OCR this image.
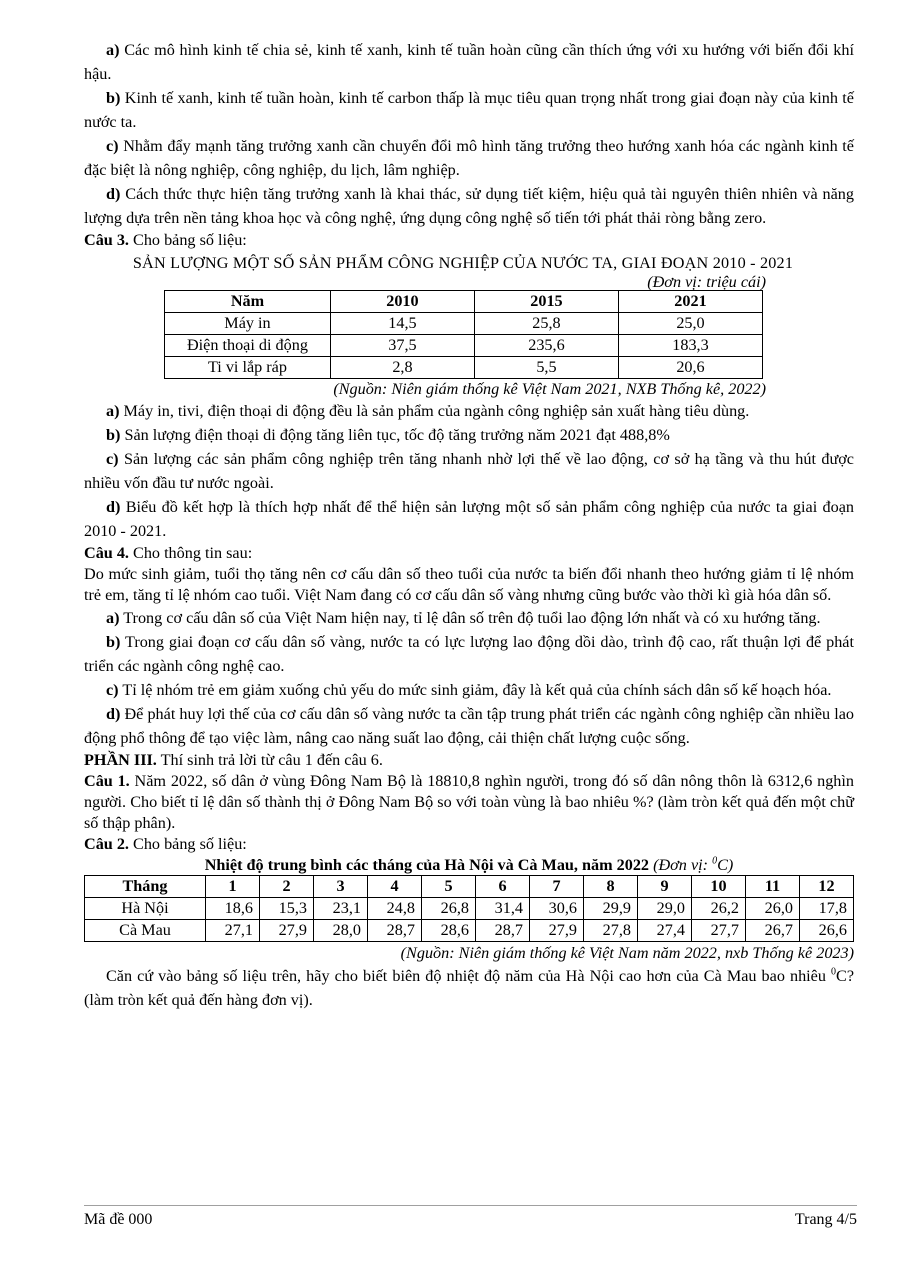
a) Các mô hình kinh tế chia sẻ, kinh tế xanh, kinh tế tuần hoàn cũng cần thích ứng với xu hướng với biến đổi khí hậu.

b) Kinh tế xanh, kinh tế tuần hoàn, kinh tế carbon thấp là mục tiêu quan trọng nhất trong giai đoạn này của kinh tế nước ta.

c) Nhằm đẩy mạnh tăng trưởng xanh cần chuyển đổi mô hình tăng trưởng theo hướng xanh hóa các ngành kinh tế đặc biệt là nông nghiệp, công nghiệp, du lịch, lâm nghiệp.

d) Cách thức thực hiện tăng trưởng xanh là khai thác, sử dụng tiết kiệm, hiệu quả tài nguyên thiên nhiên và năng lượng dựa trên nền tảng khoa học và công nghệ, ứng dụng công nghệ số tiến tới phát thải ròng bằng zero.

Câu 3. Cho bảng số liệu:

SẢN LƯỢNG MỘT SỐ SẢN PHẨM CÔNG NGHIỆP CỦA NƯỚC TA, GIAI ĐOẠN 2010 - 2021

(Đơn vị: triệu cái)

Năm	2010	2015	2021
Máy in	14,5	25,8	25,0
Điện thoại di động	37,5	235,6	183,3
Ti vi lắp ráp	2,8	5,5	20,6

(Nguồn: Niên giám thống kê Việt Nam 2021, NXB Thống kê, 2022)

a) Máy in, tivi, điện thoại di động đều là sản phẩm của ngành công nghiệp sản xuất hàng tiêu dùng.

b) Sản lượng điện thoại di động tăng liên tục, tốc độ tăng trưởng năm 2021 đạt 488,8%

c) Sản lượng các sản phẩm công nghiệp trên tăng nhanh nhờ lợi thế về lao động, cơ sở hạ tầng và thu hút được nhiều vốn đầu tư nước ngoài.

d) Biểu đồ kết hợp là thích hợp nhất để thể hiện sản lượng một số sản phẩm công nghiệp của nước ta giai đoạn 2010 - 2021.

Câu 4. Cho thông tin sau:

Do mức sinh giảm, tuổi thọ tăng nên cơ cấu dân số theo tuổi của nước ta biến đổi nhanh theo hướng giảm tỉ lệ nhóm trẻ em, tăng tỉ lệ nhóm cao tuổi. Việt Nam đang có cơ cấu dân số vàng nhưng cũng bước vào thời kì già hóa dân số.

a) Trong cơ cấu dân số của Việt Nam hiện nay, tỉ lệ dân số trên độ tuổi lao động lớn nhất và có xu hướng tăng.

b) Trong giai đoạn cơ cấu dân số vàng, nước ta có lực lượng lao động dồi dào, trình độ cao, rất thuận lợi để phát triển các ngành công nghệ cao.

c) Tỉ lệ nhóm trẻ em giảm xuống chủ yếu do mức sinh giảm, đây là kết quả của chính sách dân số kế hoạch hóa.

d) Để phát huy lợi thế của cơ cấu dân số vàng nước ta cần tập trung phát triển các ngành công nghiệp cần nhiều lao động phổ thông để tạo việc làm, nâng cao năng suất lao động, cải thiện chất lượng cuộc sống.

PHẦN III. Thí sinh trả lời từ câu 1 đến câu 6.

Câu 1. Năm 2022, số dân ở vùng Đông Nam Bộ là 18810,8 nghìn người, trong đó số dân nông thôn là 6312,6 nghìn người. Cho biết tỉ lệ dân số thành thị ở Đông Nam Bộ so với toàn vùng là bao nhiêu %? (làm tròn kết quả đến một chữ số thập phân).

Câu 2. Cho bảng số liệu:

Nhiệt độ trung bình các tháng của Hà Nội và Cà Mau, năm 2022 (Đơn vị: $^0$C)

Tháng	1	2	3	4	5	6	7	8	9	10	11	12
Hà Nội	18,6	15,3	23,1	24,8	26,8	31,4	30,6	29,9	29,0	26,2	26,0	17,8
Cà Mau	27,1	27,9	28,0	28,7	28,6	28,7	27,9	27,8	27,4	27,7	26,7	26,6

(Nguồn: Niên giám thống kê Việt Nam năm 2022, nxb Thống kê 2023)

Căn cứ vào bảng số liệu trên, hãy cho biết biên độ nhiệt độ năm của Hà Nội cao hơn của Cà Mau bao nhiêu $^0$C? (làm tròn kết quả đến hàng đơn vị).

Mã đề 000	Trang 4/5
